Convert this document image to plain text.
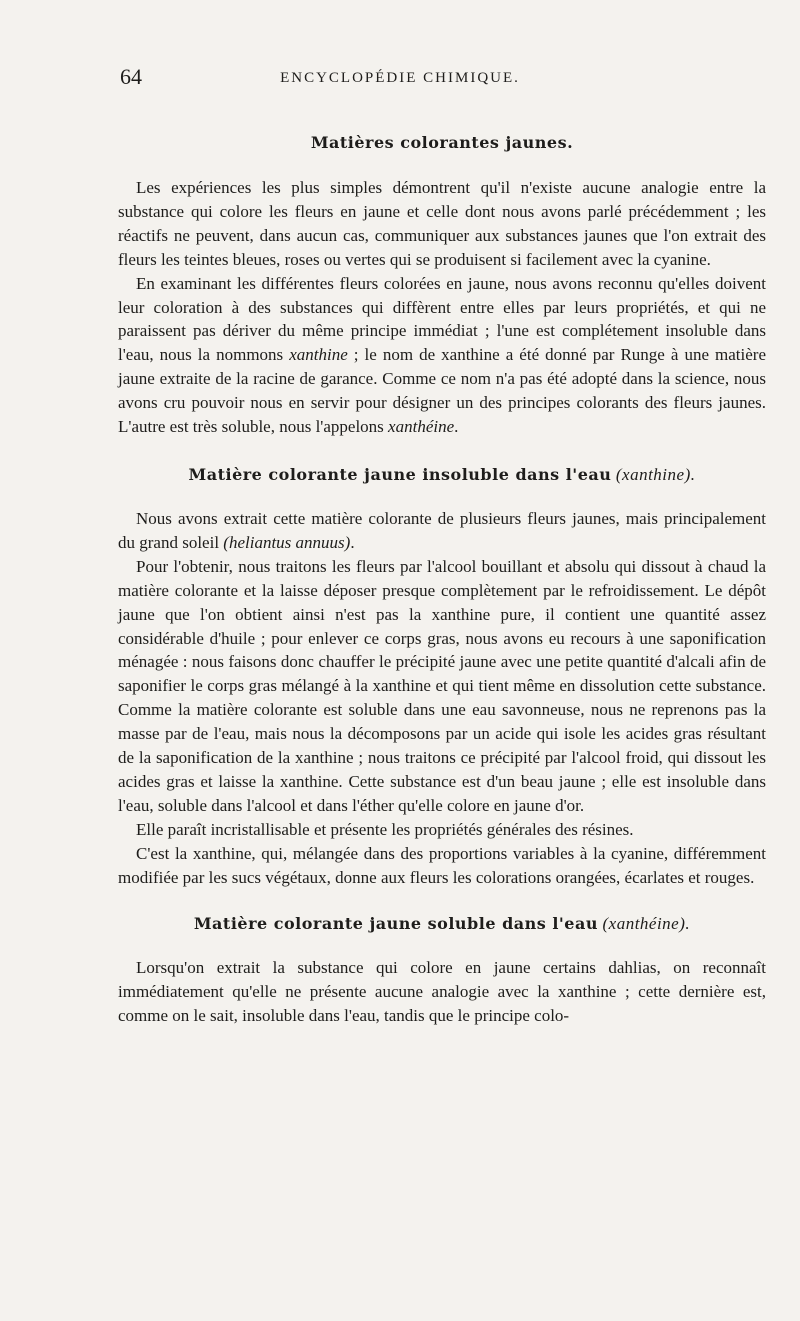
64	ENCYCLOPÉDIE CHIMIQUE.
Matières colorantes jaunes.

Les expériences les plus simples démontrent qu'il n'existe aucune analogie entre la substance qui colore les fleurs en jaune et celle dont nous avons parlé précédemment ; les réactifs ne peuvent, dans aucun cas, communiquer aux substances jaunes que l'on extrait des fleurs les teintes bleues, roses ou vertes qui se produisent si facilement avec la cyanine.

En examinant les différentes fleurs colorées en jaune, nous avons reconnu qu'elles doivent leur coloration à des substances qui diffèrent entre elles par leurs propriétés, et qui ne paraissent pas dériver du même principe immédiat ; l'une est complétement insoluble dans l'eau, nous la nommons xanthine ; le nom de xanthine a été donné par Runge à une matière jaune extraite de la racine de garance. Comme ce nom n'a pas été adopté dans la science, nous avons cru pouvoir nous en servir pour désigner un des principes colorants des fleurs jaunes. L'autre est très soluble, nous l'appelons xanthéine.

Matière colorante jaune insoluble dans l'eau (xanthine).

Nous avons extrait cette matière colorante de plusieurs fleurs jaunes, mais principalement du grand soleil (heliantus annuus).

Pour l'obtenir, nous traitons les fleurs par l'alcool bouillant et absolu qui dissout à chaud la matière colorante et la laisse déposer presque complètement par le refroidissement. Le dépôt jaune que l'on obtient ainsi n'est pas la xanthine pure, il contient une quantité assez considérable d'huile ; pour enlever ce corps gras, nous avons eu recours à une saponification ménagée : nous faisons donc chauffer le précipité jaune avec une petite quantité d'alcali afin de saponifier le corps gras mélangé à la xanthine et qui tient même en dissolution cette substance. Comme la matière colorante est soluble dans une eau savonneuse, nous ne reprenons pas la masse par de l'eau, mais nous la décomposons par un acide qui isole les acides gras résultant de la saponification de la xanthine ; nous traitons ce précipité par l'alcool froid, qui dissout les acides gras et laisse la xanthine. Cette substance est d'un beau jaune ; elle est insoluble dans l'eau, soluble dans l'alcool et dans l'éther qu'elle colore en jaune d'or.

Elle paraît incristallisable et présente les propriétés générales des résines.

C'est la xanthine, qui, mélangée dans des proportions variables à la cyanine, différemment modifiée par les sucs végétaux, donne aux fleurs les colorations orangées, écarlates et rouges.

Matière colorante jaune soluble dans l'eau (xanthéine).

Lorsqu'on extrait la substance qui colore en jaune certains dahlias, on reconnaît immédiatement qu'elle ne présente aucune analogie avec la xanthine ; cette dernière est, comme on le sait, insoluble dans l'eau, tandis que le principe colo-
